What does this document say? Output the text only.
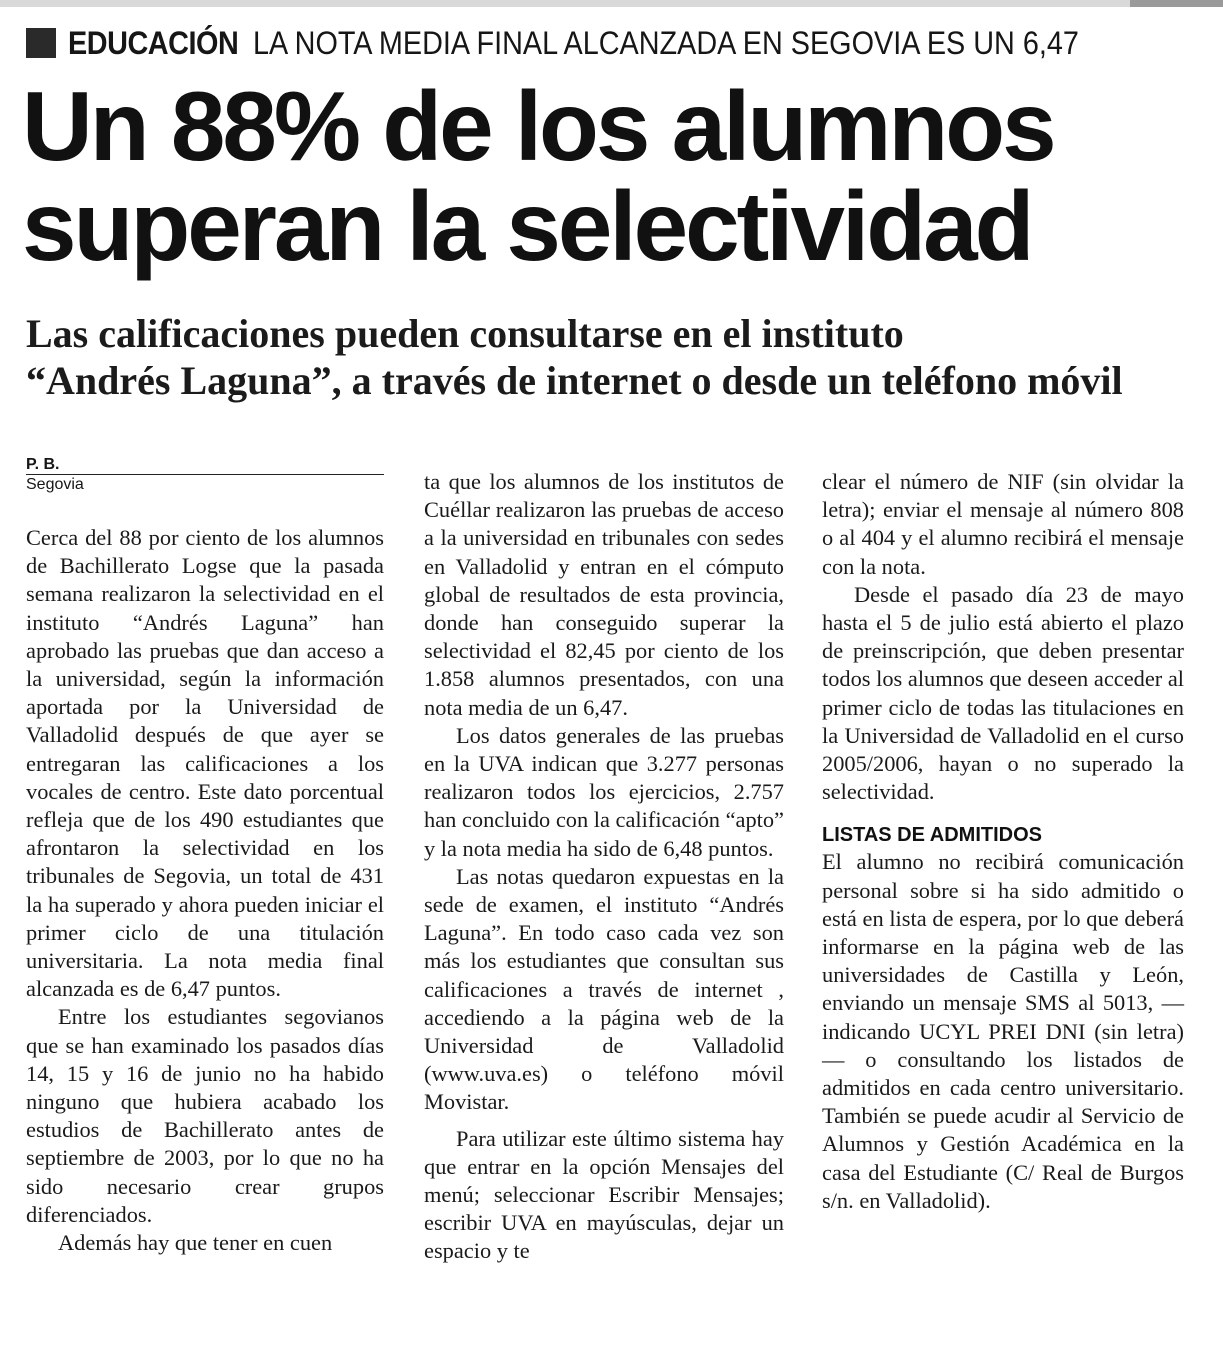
EDUCACIÓN LA NOTA MEDIA FINAL ALCANZADA EN SEGOVIA ES UN 6,47
Un 88% de los alumnos
superan la selectividad
Las calificaciones pueden consultarse en el instituto
“Andrés Laguna”, a través de internet o desde un teléfono móvil
P. B.
Segovia

Cerca del 88 por ciento de los alumnos de Bachillerato Logse que la pasada semana realizaron la selectividad en el instituto “Andrés Laguna” han aprobado las pruebas que dan acceso a la universidad, según la información aportada por la Universidad de Valladolid después de que ayer se entregaran las calificaciones a los vocales de centro. Este dato porcentual refleja que de los 490 estudiantes que afrontaron la selectividad en los tribunales de Segovia, un total de 431 la ha superado y ahora pueden iniciar el primer ciclo de una titulación universitaria. La nota media final alcanzada es de 6,47 puntos.

Entre los estudiantes segovianos que se han examinado los pasados días 14, 15 y 16 de junio no ha habido ninguno que hubiera acabado los estudios de Bachillerato antes de septiembre de 2003, por lo que no ha sido necesario crear grupos diferenciados.

Además hay que tener en cuen

ta que los alumnos de los institutos de Cuéllar realizaron las pruebas de acceso a la universidad en tribunales con sedes en Valladolid y entran en el cómputo global de resultados de esta provincia, donde han conseguido superar la selectividad el 82,45 por ciento de los 1.858 alumnos presentados, con una nota media de un 6,47.

Los datos generales de las pruebas en la UVA indican que 3.277 personas realizaron todos los ejercicios, 2.757 han concluido con la calificación “apto” y la nota media ha sido de 6,48 puntos.

Las notas quedaron expuestas en la sede de examen, el instituto “Andrés Laguna”. En todo caso cada vez son más los estudiantes que consultan sus calificaciones a través de internet , accediendo a la página web de la Universidad de Valladolid (www.uva.es) o teléfono móvil Movistar.

Para utilizar este último sistema hay que entrar en la opción Mensajes del menú; seleccionar Escribir Mensajes; escribir UVA en mayúsculas, dejar un espacio y te

clear el número de NIF (sin olvidar la letra); enviar el mensaje al número 808 o al 404 y el alumno recibirá el mensaje con la nota.

Desde el pasado día 23 de mayo hasta el 5 de julio está abierto el plazo de preinscripción, que deben presentar todos los alumnos que deseen acceder al primer ciclo de todas las titulaciones en la Universidad de Valladolid en el curso 2005/2006, hayan o no superado la selectividad.

LISTAS DE ADMITIDOS

El alumno no recibirá comunicación personal sobre si ha sido admitido o está en lista de espera, por lo que deberá informarse en la página web de las universidades de Castilla y León, enviando un mensaje SMS al 5013, —indicando UCYL PREI DNI (sin letra)— o consultando los listados de admitidos en cada centro universitario. También se puede acudir al Servicio de Alumnos y Gestión Académica en la casa del Estudiante (C/ Real de Burgos s/n. en Valladolid).
